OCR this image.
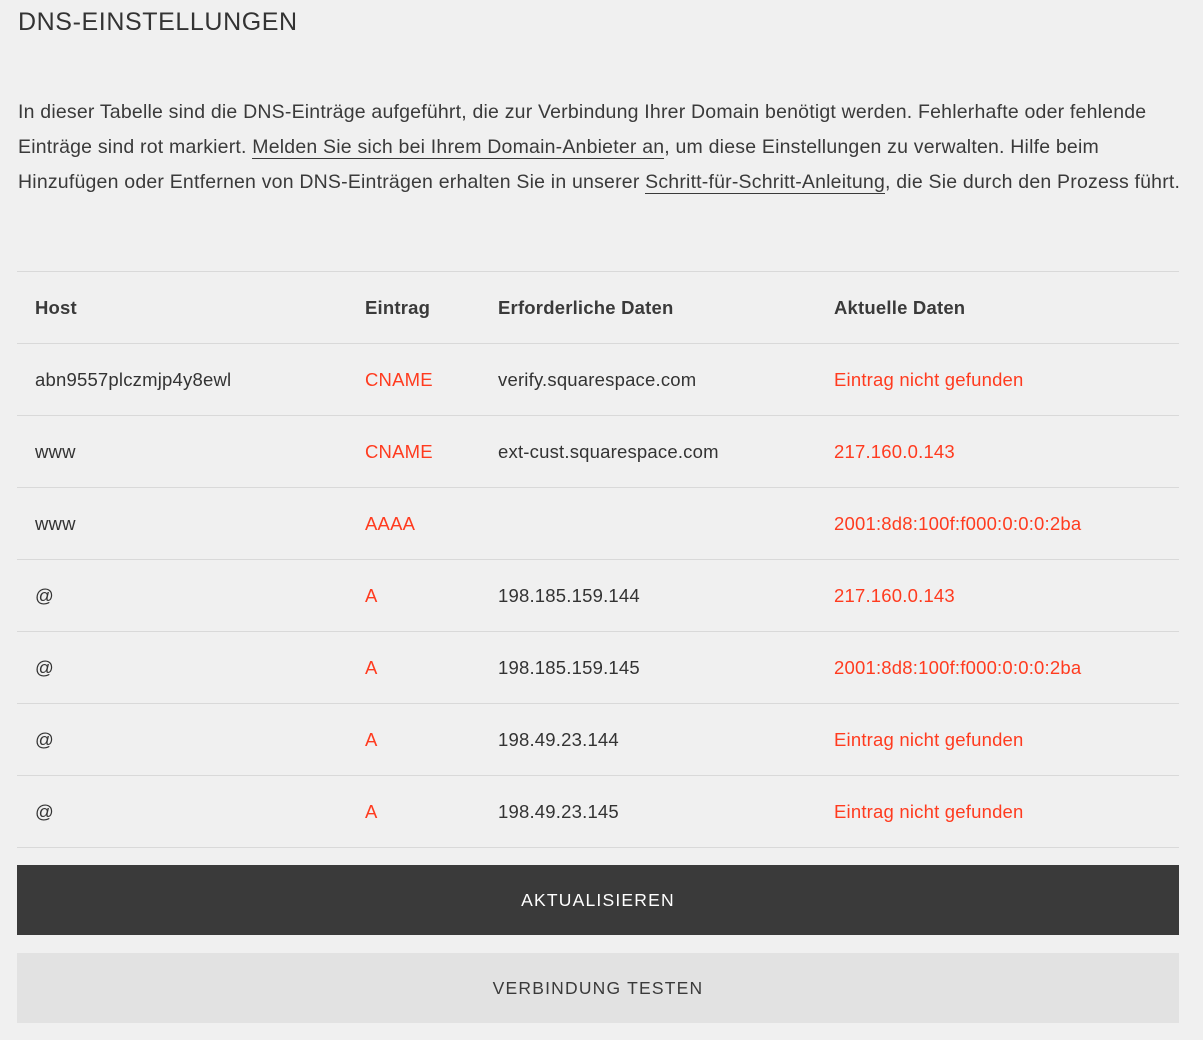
DNS-EINSTELLUNGEN

In dieser Tabelle sind die DNS-Einträge aufgeführt, die zur Verbindung Ihrer Domain benötigt werden. Fehlerhafte oder fehlende Einträge sind rot markiert. Melden Sie sich bei Ihrem Domain-Anbieter an, um diese Einstellungen zu verwalten. Hilfe beim Hinzufügen oder Entfernen von DNS-Einträgen erhalten Sie in unserer Schritt-für-Schritt-Anleitung, die Sie durch den Prozess führt.

Host	Eintrag	Erforderliche Daten	Aktuelle Daten
abn9557plczmjp4y8ewl	CNAME	verify.squarespace.com	Eintrag nicht gefunden
www	CNAME	ext-cust.squarespace.com	217.160.0.143
www	AAAA		2001:8d8:100f:f000:0:0:0:2ba
@	A	198.185.159.144	217.160.0.143
@	A	198.185.159.145	2001:8d8:100f:f000:0:0:0:2ba
@	A	198.49.23.144	Eintrag nicht gefunden
@	A	198.49.23.145	Eintrag nicht gefunden
AKTUALISIEREN
VERBINDUNG TESTEN
